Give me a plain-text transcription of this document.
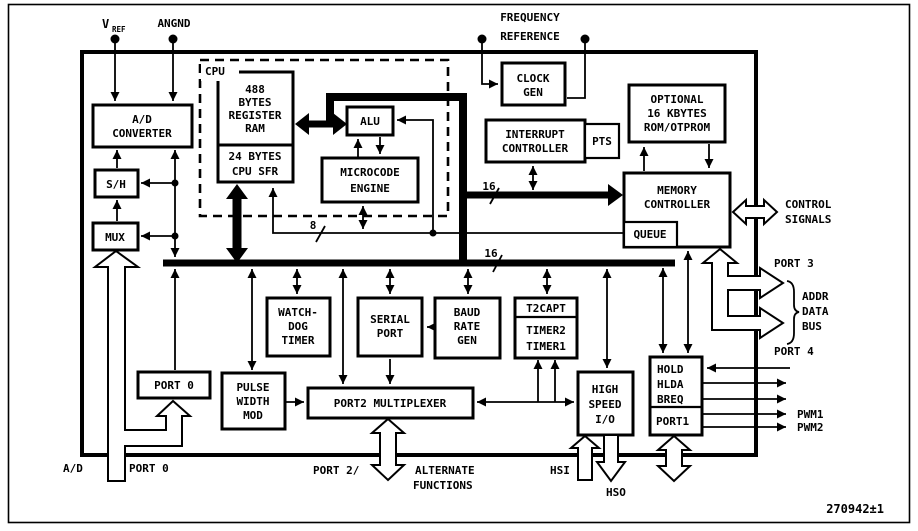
V REF	ANGND	FREQUENCY
REFERENCE
CPU
488
BYTES
REGISTER
RAM
24 BYTES
CPU SFR
ALU
MICROCODE
ENGINE
A/D
CONVERTER
S/H
MUX
PORT 0
CLOCK
GEN
INTERRUPT
CONTROLLER
PTS
OPTIONAL
16 KBYTES
ROM/OTPROM
MEMORY
CONTROLLER
QUEUE
WATCH-
DOG
TIMER
SERIAL
PORT
BAUD
RATE
GEN
T2CAPT
TIMER2
TIMER1
PULSE
WIDTH
MOD
PORT2 MULTIPLEXER
HIGH
SPEED
I/O
HOLD
HLDA
BREQ
PORT1
8
16
16
CONTROL
SIGNALS
PORT 3
ADDR
DATA
BUS
PORT 4
PWM1
PWM2
A/D	PORT 0	PORT 2/	ALTERNATE
FUNCTIONS
HSI
HSO
270942±1
